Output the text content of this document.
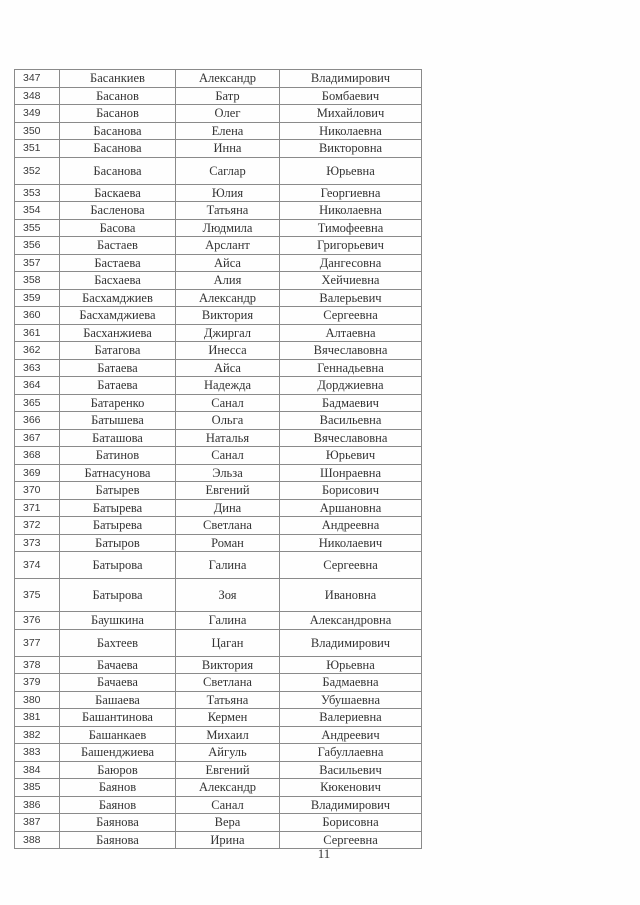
347	Басанкиев	Александр	Владимирович
348	Басанов	Батр	Бомбаевич
349	Басанов	Олег	Михайлович
350	Басанова	Елена	Николаевна
351	Басанова	Инна	Викторовна
352	Басанова	Саглар	Юрьевна
353	Баскаева	Юлия	Георгиевна
354	Басленова	Татьяна	Николаевна
355	Басова	Людмила	Тимофеевна
356	Бастаев	Арслант	Григорьевич
357	Бастаева	Айса	Дангесовна
358	Басхаева	Алия	Хейчиевна
359	Басхамджиев	Александр	Валерьевич
360	Басхамджиева	Виктория	Сергеевна
361	Басханжиева	Джиргал	Алтаевна
362	Батагова	Инесса	Вячеславовна
363	Батаева	Айса	Геннадьевна
364	Батаева	Надежда	Дорджиевна
365	Батаренко	Санал	Бадмаевич
366	Батышева	Ольга	Васильевна
367	Баташова	Наталья	Вячеславовна
368	Батинов	Санал	Юрьевич
369	Батнасунова	Эльза	Шонраевна
370	Батырев	Евгений	Борисович
371	Батырева	Дина	Аршановна
372	Батырева	Светлана	Андреевна
373	Батыров	Роман	Николаевич
374	Батырова	Галина	Сергеевна
375	Батырова	Зоя	Ивановна
376	Баушкина	Галина	Александровна
377	Бахтеев	Цаган	Владимирович
378	Бачаева	Виктория	Юрьевна
379	Бачаева	Светлана	Бадмаевна
380	Башаева	Татьяна	Убушаевна
381	Башантинова	Кермен	Валериевна
382	Башанкаев	Михаил	Андреевич
383	Башенджиева	Айгуль	Габуллаевна
384	Баюров	Евгений	Васильевич
385	Баянов	Александр	Кюкенович
386	Баянов	Санал	Владимирович
387	Баянова	Вера	Борисовна
388	Баянова	Ирина	Сергеевна
11
